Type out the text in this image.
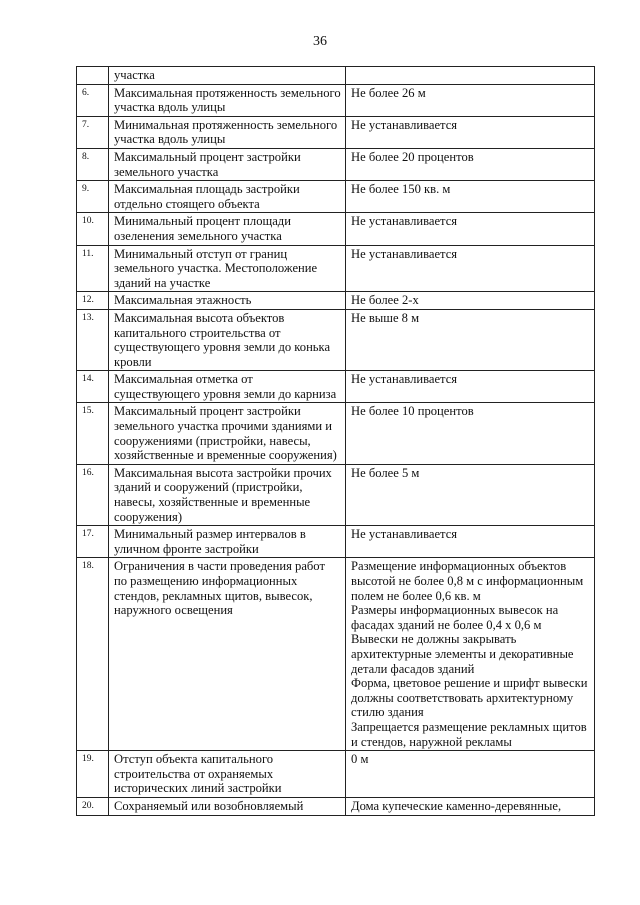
36
	участка	

6.	Максимальная протяженность земельного участка вдоль улицы	Не более 26 м

7.	Минимальная протяженность земельного участка вдоль улицы	Не устанавливается

8.	Максимальный процент застройки земельного участка	Не более 20 процентов

9.	Максимальная площадь застройки отдельно стоящего объекта	Не более 150 кв. м

10.	Минимальный процент площади озеленения земельного участка	Не устанавливается

11.	Минимальный отступ от границ земельного участка. Местоположение зданий на участке	Не устанавливается

12.	Максимальная этажность	Не более 2-х

13.	Максимальная высота объектов капитального строительства от существующего уровня земли до конька кровли	Не выше 8 м

14.	Максимальная отметка от существующего уровня земли до карниза	Не устанавливается

15.	Максимальный процент застройки земельного участка прочими зданиями и сооружениями (пристройки, навесы, хозяйственные и временные сооружения)	Не более 10 процентов

16.	Максимальная высота застройки прочих зданий и сооружений (пристройки, навесы, хозяйственные и временные сооружения)	Не более 5 м

17.	Минимальный размер интервалов в уличном фронте застройки	Не устанавливается

18.	Ограничения в части проведения работ по размещению информационных стендов, рекламных щитов, вывесок, наружного освещения	Размещение информационных объектов высотой не более 0,8 м с информационным полем не более 0,6 кв. м
Размеры информационных вывесок на фасадах зданий не более 0,4 х 0,6 м
Вывески не должны закрывать архитектурные элементы и декоративные детали фасадов зданий
Форма, цветовое решение и шрифт вывески должны соответствовать архитектурному стилю здания
Запрещается размещение рекламных щитов и стендов, наружной рекламы

19.	Отступ объекта капитального строительства от охраняемых исторических линий застройки	0 м

20.	Сохраняемый или возобновляемый	Дома купеческие каменно-деревянные,
